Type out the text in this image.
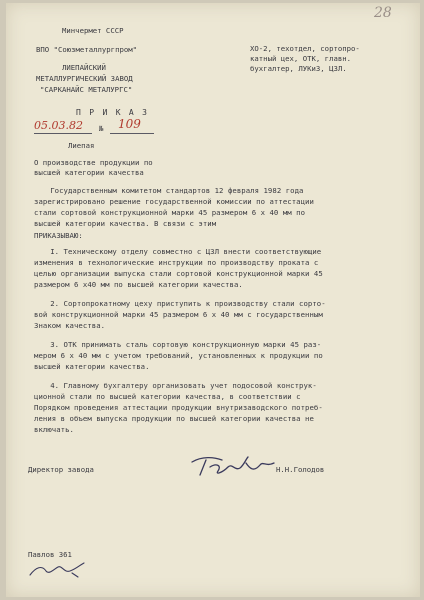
28
Минчермет СССР
ВПО "Союзметаллургпром"
ЛИЕПАЙСКИЙ
МЕТАЛЛУРГИЧЕСКИЙ ЗАВОД
"САРКАНАЙС МЕТАЛУРГС"
ХО-2, техотдел, сортопро-
катный цех, ОТК, главн.
бухгалтер, ЛУКиЗ, ЦЗЛ.
П Р И К А З
05.03.82 № 109
Лиепая
О производстве продукции по
высшей категории качества
Государственным комитетом стандартов 12 февраля 1982 года
зарегистрировано решение государственной комиссии по аттестации
стали сортовой конструкционной марки 45 размером 6 х 40 мм по
высшей категории качества. В связи с этим
ПРИКАЗЫВАЮ:
I. Техническому отделу совместно с ЦЗЛ внести соответствующие
изменения в технологические инструкции по производству проката с
целью организации выпуска стали сортовой конструкционной марки 45
размером 6 х40 мм по высшей категории качества.
2. Сортопрокатному цеху приступить к производству стали сорто-
вой конструкционной марки 45 размером 6 х 40 мм с государственным
Знаком качества.
3. ОТК принимать сталь сортовую конструкционную марки 45 раз-
мером 6 х 40 мм с учетом требований, установленных к продукции по
высшей категории качества.
4. Главному бухгалтеру организовать учет подосовой конструк-
ционной стали по высшей категории качества, в соответствии с
Порядком проведения аттестации продукции внутризаводского потреб-
ления в объем выпуска продукции по высшей категории качества не
включать.
Директор завода	Н.Н.Голодов
Павлов 361
